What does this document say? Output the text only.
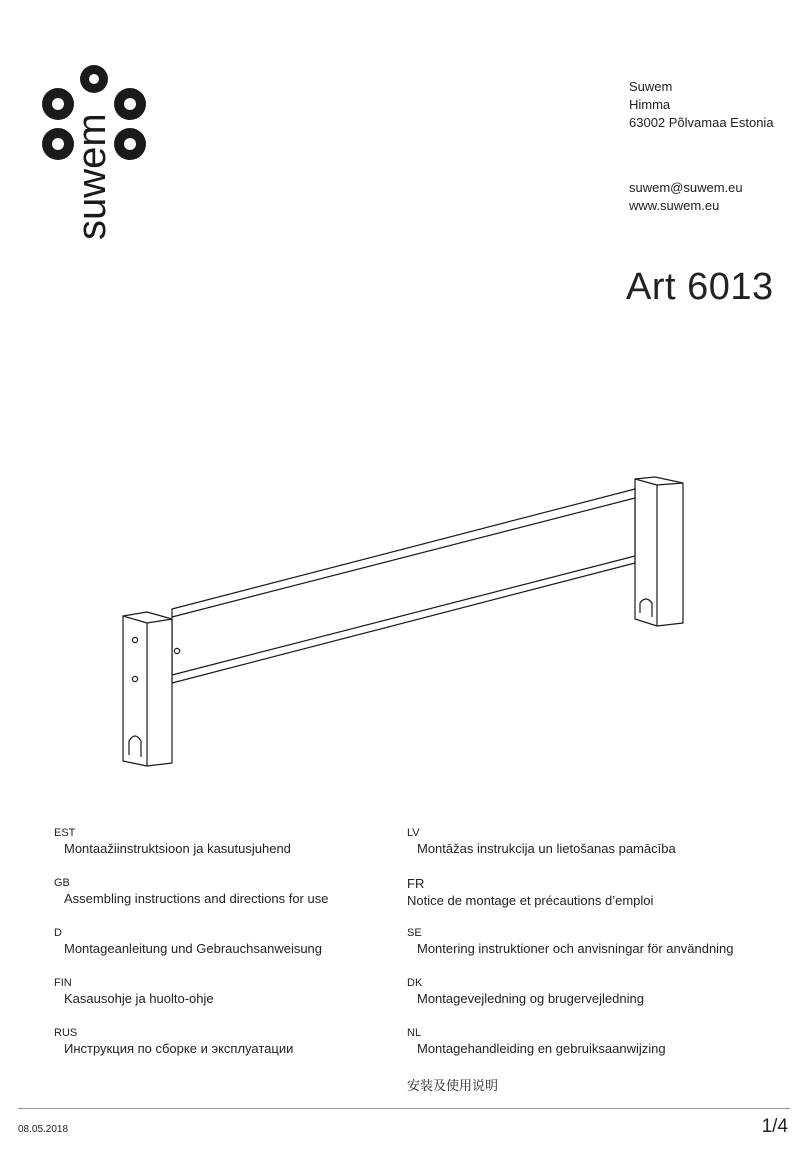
suwem
Suwem
Himma
63002 Põlvamaa Estonia
suwem@suwem.eu
www.suwem.eu
Art 6013
EST
Montaažiinstruktsioon ja kasutusjuhend
GB
Assembling instructions and directions for use
D
Montageanleitung und Gebrauchsanweisung
FIN
Kasausohje ja huolto-ohje
RUS
Инструкция по сборке и эксплуатации
LV
Montāžas instrukcija un lietošanas pamācība
FR
Notice de montage et précautions d’emploi
SE
Montering instruktioner och anvisningar för användning
DK
Montagevejledning og brugervejledning
NL
Montagehandleiding en gebruiksaanwijzing
安装及使用说明
08.05.2018	1/4
